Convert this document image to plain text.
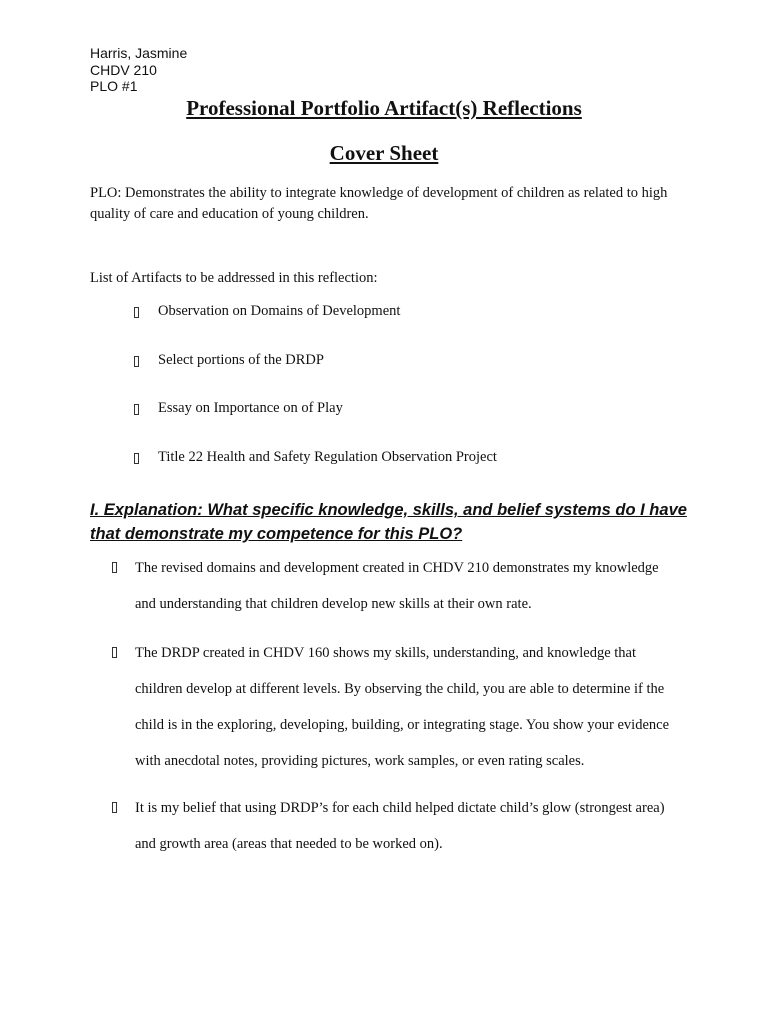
Harris, Jasmine
CHDV 210
PLO #1
Professional Portfolio Artifact(s) Reflections
Cover Sheet
PLO: Demonstrates the ability to integrate knowledge of development of children as related to high quality of care and education of young children.
List of Artifacts to be addressed in this reflection:
Observation on Domains of Development
Select portions of the DRDP
Essay on Importance on of Play
Title 22 Health and Safety Regulation Observation Project
I. Explanation: What specific knowledge, skills, and belief systems do I have that demonstrate my competence for this PLO?

The revised domains and development created in CHDV 210 demonstrates my knowledge and understanding that children develop new skills at their own rate.

The DRDP created in CHDV 160 shows my skills, understanding, and knowledge that children develop at different levels. By observing the child, you are able to determine if the child is in the exploring, developing, building, or integrating stage. You show your evidence with anecdotal notes, providing pictures, work samples, or even rating scales.

It is my belief that using DRDP’s for each child helped dictate child’s glow (strongest area) and growth area (areas that needed to be worked on).
